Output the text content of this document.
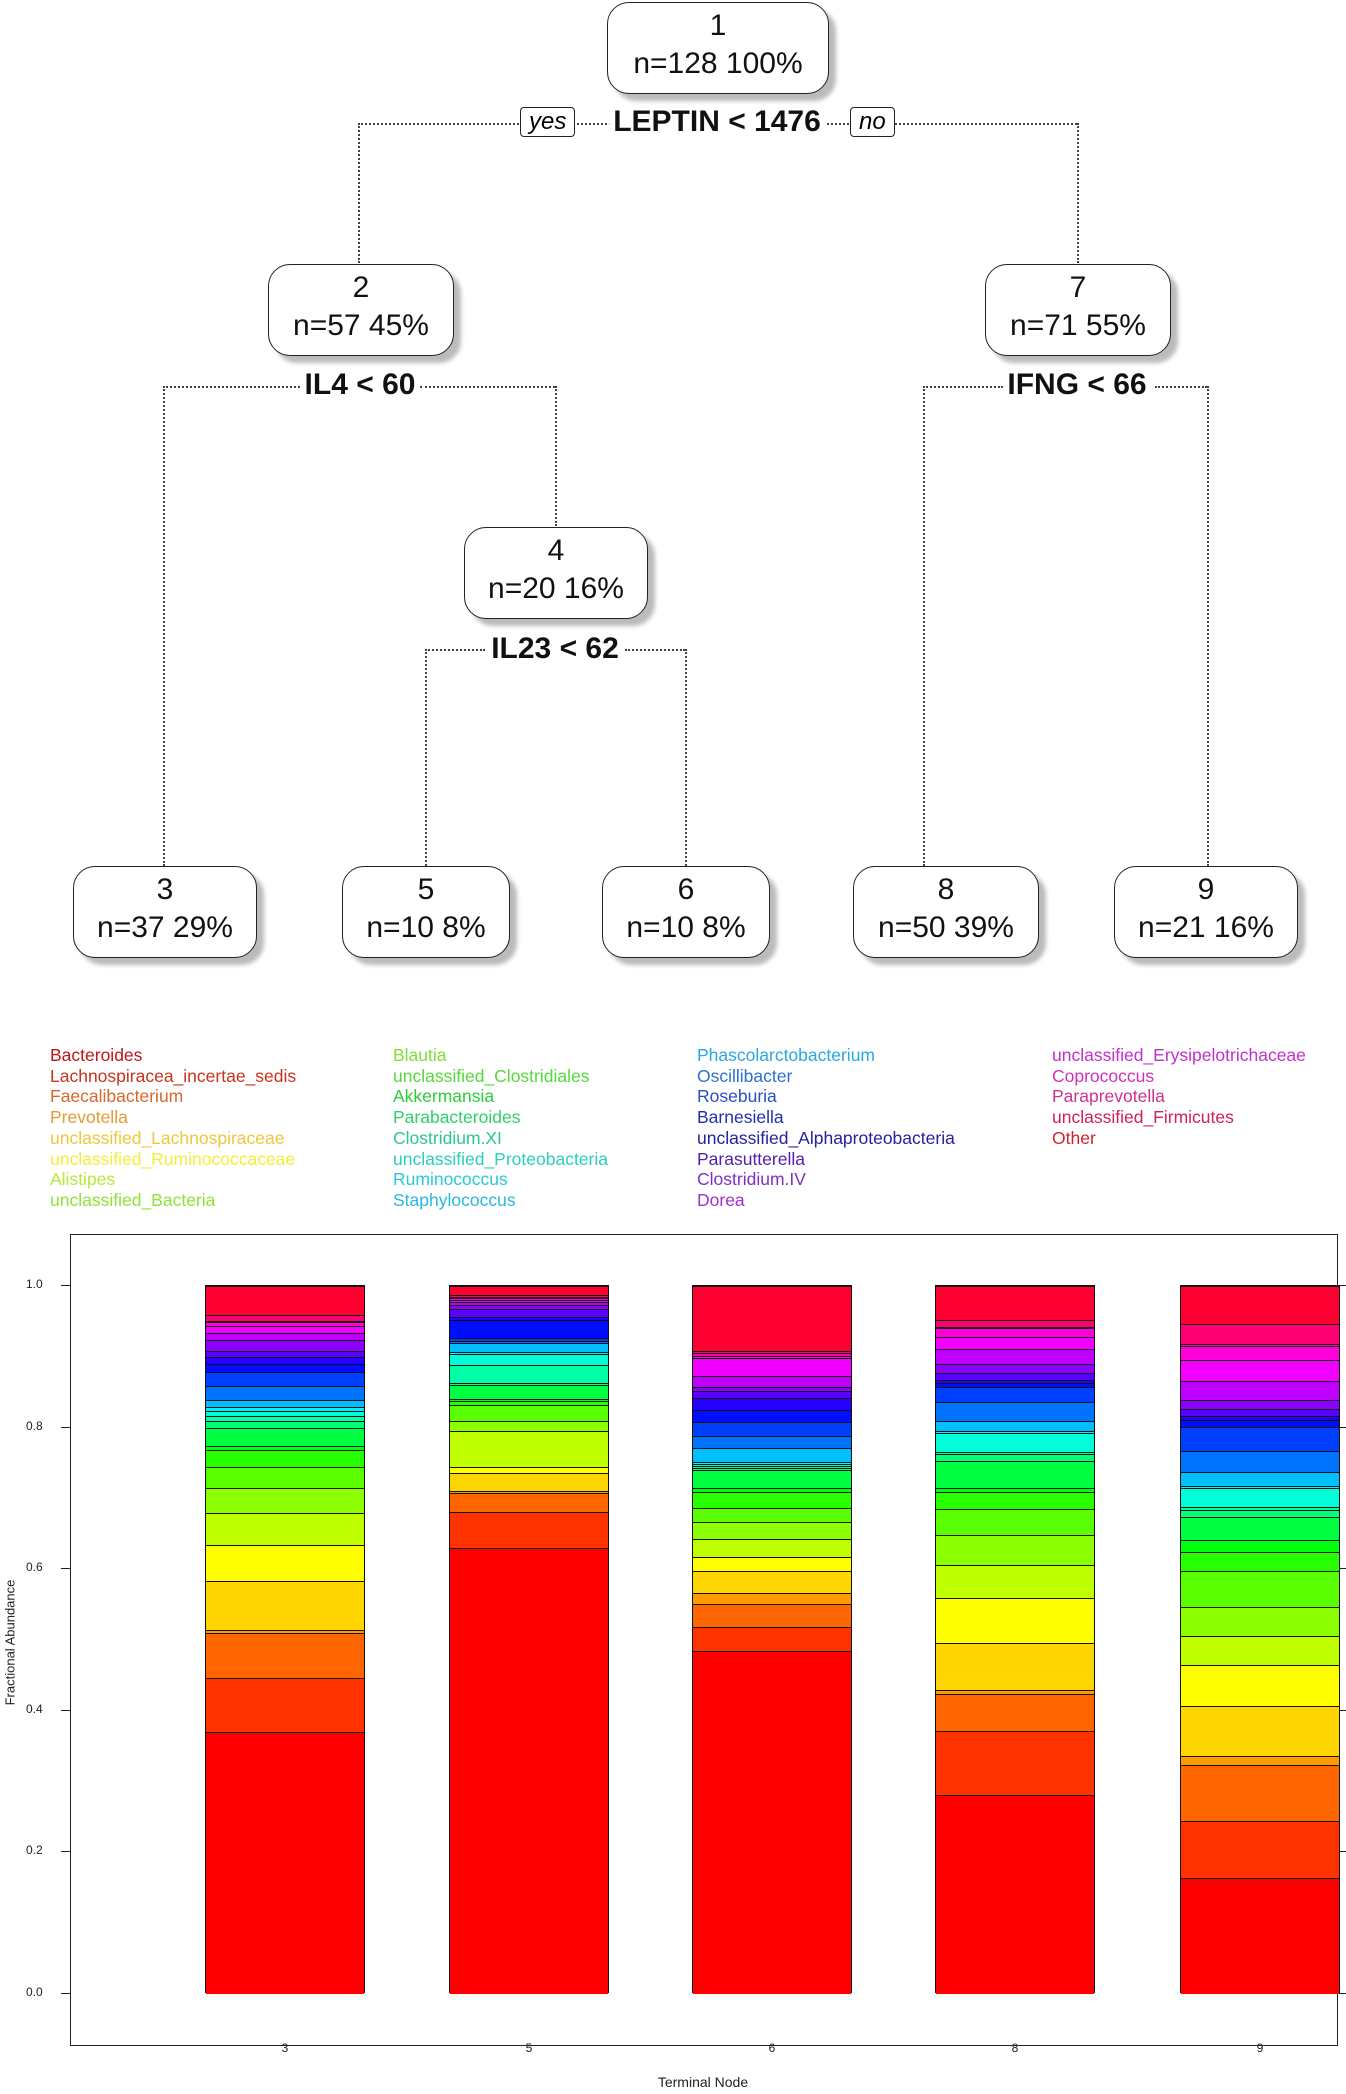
1
n=128 100%
2
n=57 45%
7
n=71 55%
4
n=20 16%
3
n=37 29%
5
n=10 8%
6
n=10 8%
8
n=50 39%
9
n=21 16%
LEPTIN < 1476
IL4 < 60	IFNG < 66
IL23 < 62
yes	no
Bacteroides
Lachnospiracea_incertae_sedis
Faecalibacterium
Prevotella
unclassified_Lachnospiraceae
unclassified_Ruminococcaceae
Alistipes
unclassified_Bacteria
Blautia
unclassified_Clostridiales
Akkermansia
Parabacteroides
Clostridium.XI
unclassified_Proteobacteria
Ruminococcus
Staphylococcus
Phascolarctobacterium
Oscillibacter
Roseburia
Barnesiella
unclassified_Alphaproteobacteria
Parasutterella
Clostridium.IV
Dorea
unclassified_Erysipelotrichaceae
Coprococcus
Paraprevotella
unclassified_Firmicutes
Other
0.0
0.2
0.4
0.6
0.8
1.0
3	5	6	8	9
Fractional Abundance
Terminal Node
